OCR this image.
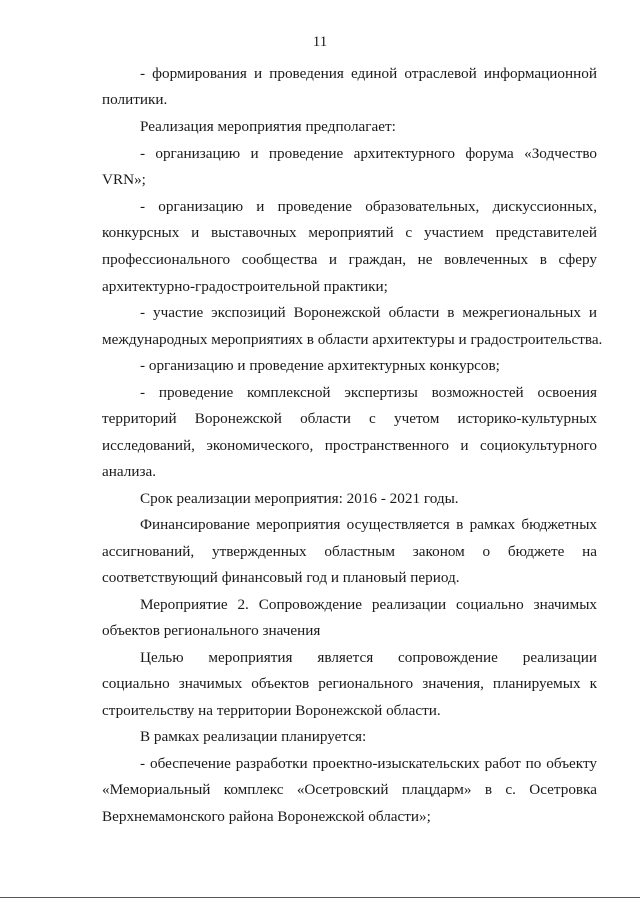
11
- формирования и проведения единой отраслевой информационной
политики.
Реализация мероприятия предполагает:
- организацию и проведение архитектурного форума «Зодчество
VRN»;
- организацию и проведение образовательных, дискуссионных,
конкурсных и выставочных мероприятий с участием представителей
профессионального сообщества и граждан, не вовлеченных в сферу
архитектурно-градостроительной практики;
- участие экспозиций Воронежской области в межрегиональных и
международных мероприятиях в области архитектуры и градостроительства.
- организацию и проведение архитектурных конкурсов;
- проведение комплексной экспертизы возможностей освоения
территорий Воронежской области с учетом историко-культурных
исследований, экономического, пространственного и социокультурного
анализа.
Срок реализации мероприятия: 2016 - 2021 годы.
Финансирование мероприятия осуществляется в рамках бюджетных
ассигнований, утвержденных областным законом о бюджете на
соответствующий финансовый год и плановый период.
Мероприятие 2. Сопровождение реализации социально значимых
объектов регионального значения
Целью мероприятия является сопровождение реализации
социально значимых объектов регионального значения, планируемых к
строительству на территории Воронежской области.
В рамках реализации планируется:
- обеспечение разработки проектно-изыскательских работ по объекту
«Мемориальный комплекс «Осетровский плацдарм» в с. Осетровка
Верхнемамонского района Воронежской области»;
